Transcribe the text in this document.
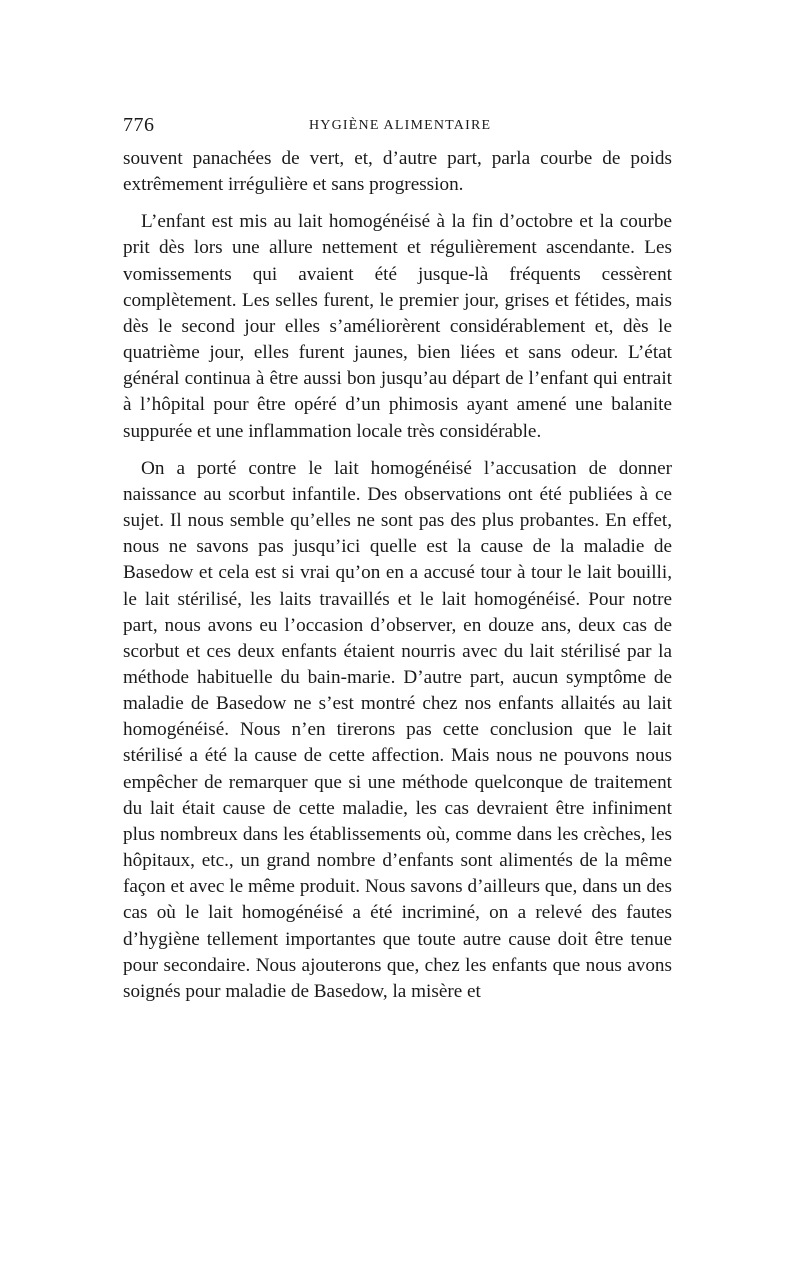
776	HYGIÈNE ALIMENTAIRE

souvent panachées de vert, et, d’autre part, parla courbe de poids extrêmement irrégulière et sans progression.

L’enfant est mis au lait homogénéisé à la fin d’octobre et la courbe prit dès lors une allure nettement et régulièrement ascendante. Les vomissements qui avaient été jusque-là fréquents cessèrent complètement. Les selles furent, le premier jour, grises et fétides, mais dès le second jour elles s’améliorèrent considérablement et, dès le quatrième jour, elles furent jaunes, bien liées et sans odeur. L’état général continua à être aussi bon jusqu’au départ de l’enfant qui entrait à l’hôpital pour être opéré d’un phimosis ayant amené une balanite suppurée et une inflammation locale très considérable.

On a porté contre le lait homogénéisé l’accusation de donner naissance au scorbut infantile. Des observations ont été publiées à ce sujet. Il nous semble qu’elles ne sont pas des plus probantes. En effet, nous ne savons pas jusqu’ici quelle est la cause de la maladie de Basedow et cela est si vrai qu’on en a accusé tour à tour le lait bouilli, le lait stérilisé, les laits travaillés et le lait homogénéisé. Pour notre part, nous avons eu l’occasion d’observer, en douze ans, deux cas de scorbut et ces deux enfants étaient nourris avec du lait stérilisé par la méthode habituelle du bain-marie. D’autre part, aucun symptôme de maladie de Basedow ne s’est montré chez nos enfants allaités au lait homogénéisé. Nous n’en tirerons pas cette conclusion que le lait stérilisé a été la cause de cette affection. Mais nous ne pouvons nous empêcher de remarquer que si une méthode quelconque de traitement du lait était cause de cette maladie, les cas devraient être infiniment plus nombreux dans les établissements où, comme dans les crèches, les hôpitaux, etc., un grand nombre d’enfants sont alimentés de la même façon et avec le même produit. Nous savons d’ailleurs que, dans un des cas où le lait homogénéisé a été incriminé, on a relevé des fautes d’hygiène tellement importantes que toute autre cause doit être tenue pour secondaire. Nous ajouterons que, chez les enfants que nous avons soignés pour maladie de Basedow, la misère et
